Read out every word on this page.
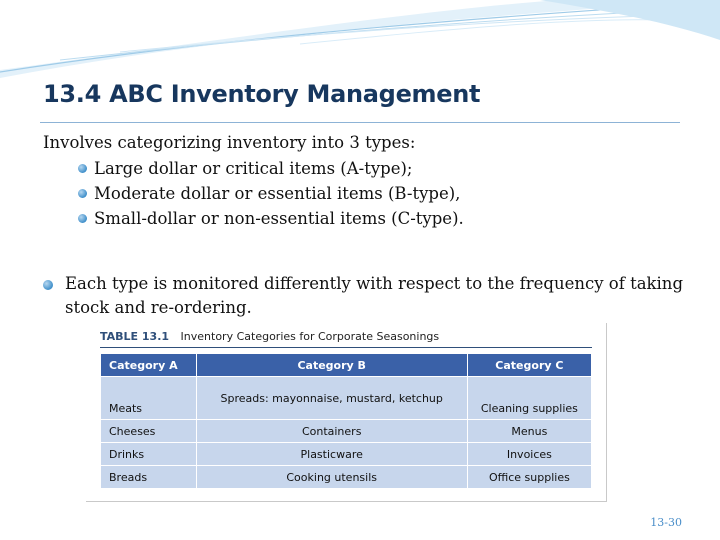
13.4 ABC Inventory Management

Involves categorizing inventory into 3 types:

Large dollar or critical items (A-type);
Moderate dollar or essential items (B-type),
Small-dollar or non-essential items (C-type).
Each type is monitored differently with respect to the frequency of taking stock and re-ordering.
TABLE 13.1 Inventory Categories for Corporate Seasonings
Category A	Category B	Category C
Meats	Spreads: mayonnaise, mustard, ketchup	Cleaning supplies
Cheeses	Containers	Menus
Drinks	Plasticware	Invoices
Breads	Cooking utensils	Office supplies
13-30
